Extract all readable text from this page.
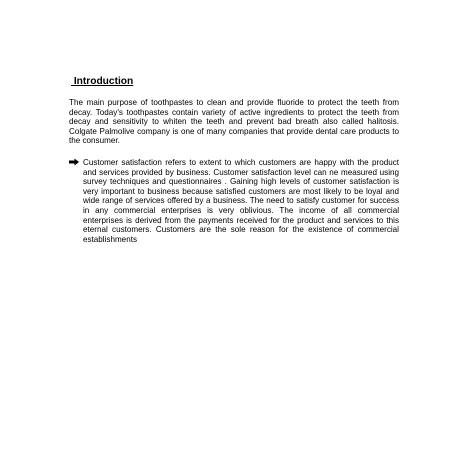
Introduction
The main purpose of toothpastes to clean and provide fluoride to protect the teeth from decay. Today's toothpastes contain variety of active ingredients to protect the teeth from decay and sensitivity to whiten the teeth and prevent bad breath also called halitosis. Colgate Palmolive company is one of many companies that provide dental care products to the consumer.
Customer satisfaction refers to extent to which customers are happy with the product and services provided by business. Customer satisfaction level can ne measured using survey techniques and questionnaires . Gaining high levels of customer satisfaction is very important to business because satisfied customers are most likely to be loyal and wide range of services offered by a business. The need to satisfy customer for success in any commercial enterprises is very oblivious. The income of all commercial enterprises is derived from the payments received for the product and services to this eternal customers. Customers are the sole reason for the existence of commercial establishments
